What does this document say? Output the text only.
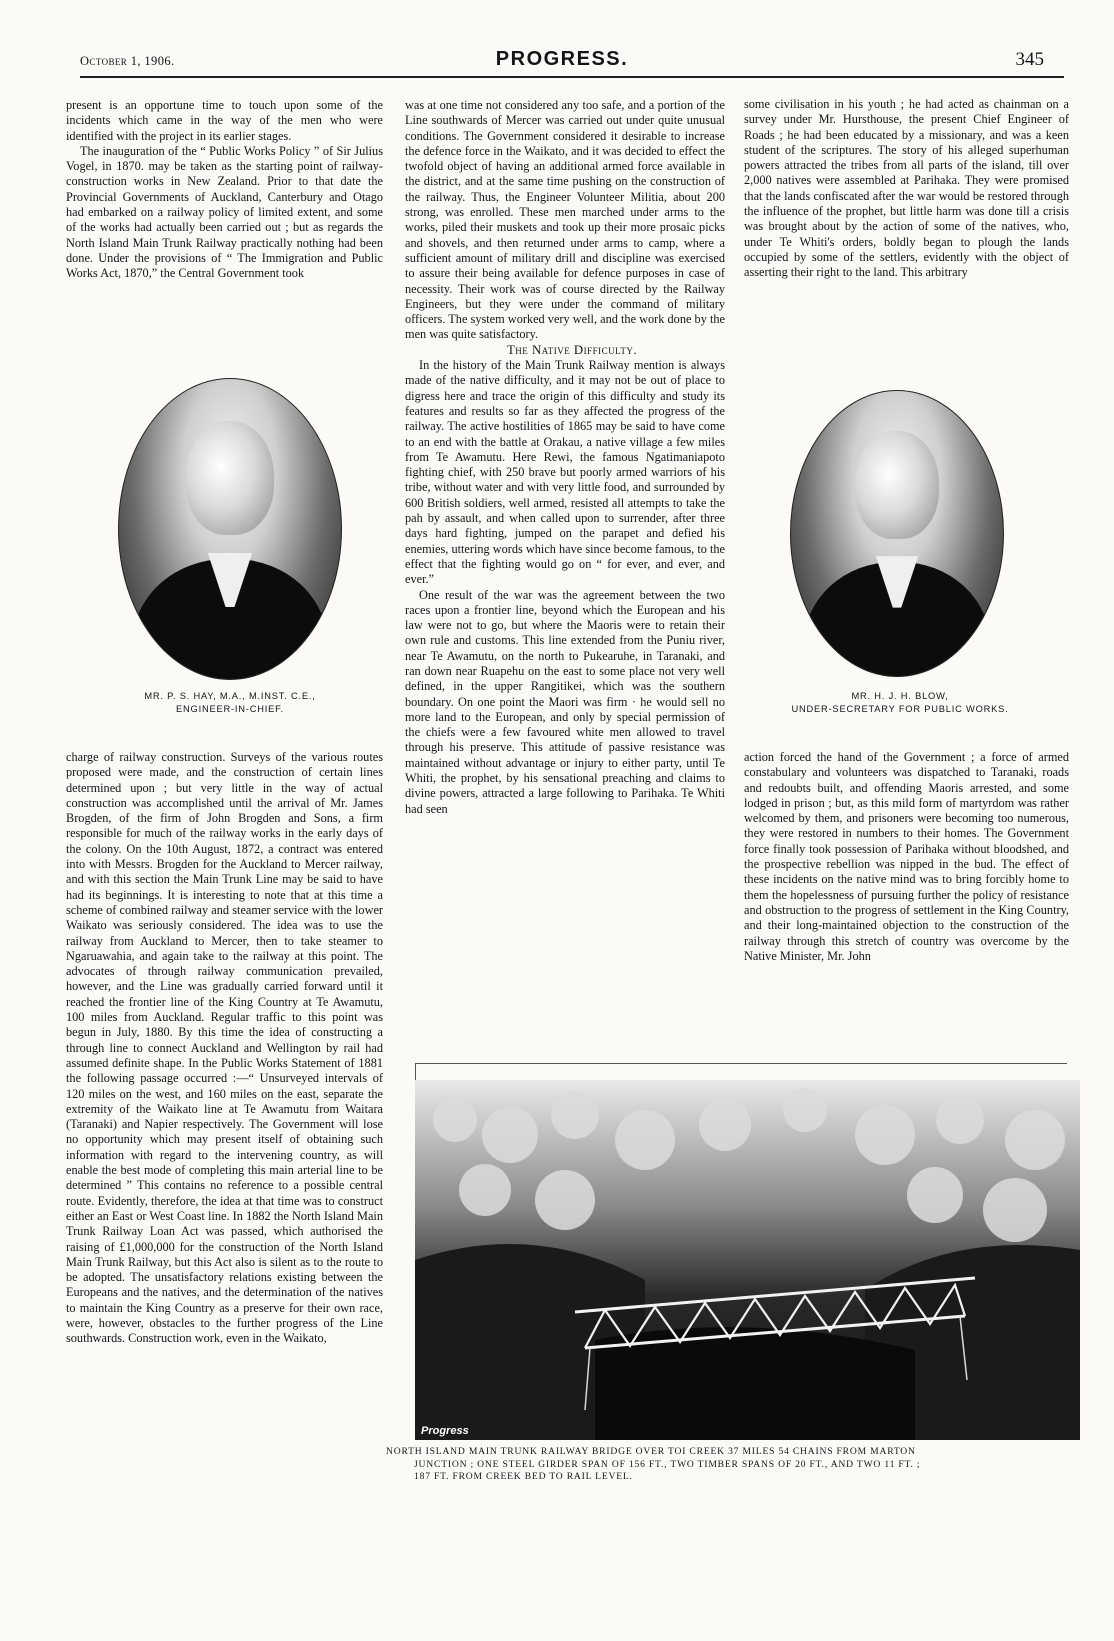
October 1, 1906.	PROGRESS.	345

present is an opportune time to touch upon some of the incidents which came in the way of the men who were identified with the project in its earlier stages.

The inauguration of the “ Public Works Policy ” of Sir Julius Vogel, in 1870. may be taken as the starting point of railway-construction works in New Zealand. Prior to that date the Provincial Governments of Auckland, Canterbury and Otago had embarked on a railway policy of limited extent, and some of the works had actually been carried out ; but as regards the North Island Main Trunk Railway practically nothing had been done. Under the provisions of “ The Immigration and Public Works Act, 1870,” the Central Government took

MR. P. S. HAY, M.A., M.INST. C.E.,
ENGINEER-IN-CHIEF.

charge of railway construction. Surveys of the various routes proposed were made, and the construction of certain lines determined upon ; but very little in the way of actual construction was accomplished until the arrival of Mr. James Brogden, of the firm of John Brogden and Sons, a firm responsible for much of the railway works in the early days of the colony. On the 10th August, 1872, a contract was entered into with Messrs. Brogden for the Auckland to Mercer railway, and with this section the Main Trunk Line may be said to have had its beginnings. It is interesting to note that at this time a scheme of combined railway and steamer service with the lower Waikato was seriously considered. The idea was to use the railway from Auckland to Mercer, then to take steamer to Ngaruawahia, and again take to the railway at this point. The advocates of through railway communication prevailed, however, and the Line was gradually carried forward until it reached the frontier line of the King Country at Te Awamutu, 100 miles from Auckland. Regular traffic to this point was begun in July, 1880. By this time the idea of constructing a through line to connect Auckland and Wellington by rail had assumed definite shape. In the Public Works Statement of 1881 the following passage occurred :—“ Unsurveyed intervals of 120 miles on the west, and 160 miles on the east, separate the extremity of the Waikato line at Te Awamutu from Waitara (Taranaki) and Napier respectively. The Government will lose no opportunity which may present itself of obtaining such information with regard to the intervening country, as will enable the best mode of completing this main arterial line to be determined ” This contains no reference to a possible central route. Evidently, therefore, the idea at that time was to construct either an East or West Coast line. In 1882 the North Island Main Trunk Railway Loan Act was passed, which authorised the raising of £1,000,000 for the construction of the North Island Main Trunk Railway, but this Act also is silent as to the route to be adopted. The unsatisfactory relations existing between the Europeans and the natives, and the determination of the natives to maintain the King Country as a preserve for their own race, were, however, obstacles to the further progress of the Line southwards. Construction work, even in the Waikato,

was at one time not considered any too safe, and a portion of the Line southwards of Mercer was carried out under quite unusual conditions. The Government considered it desirable to increase the defence force in the Waikato, and it was decided to effect the twofold object of having an additional armed force available in the district, and at the same time pushing on the construction of the railway. Thus, the Engineer Volunteer Militia, about 200 strong, was enrolled. These men marched under arms to the works, piled their muskets and took up their more prosaic picks and shovels, and then returned under arms to camp, where a sufficient amount of military drill and discipline was exercised to assure their being available for defence purposes in case of necessity. Their work was of course directed by the Railway Engineers, but they were under the command of military officers. The system worked very well, and the work done by the men was quite satisfactory.

The Native Difficulty.

In the history of the Main Trunk Railway mention is always made of the native difficulty, and it may not be out of place to digress here and trace the origin of this difficulty and study its features and results so far as they affected the progress of the railway. The active hostilities of 1865 may be said to have come to an end with the battle at Orakau, a native village a few miles from Te Awamutu. Here Rewi, the famous Ngatimaniapoto fighting chief, with 250 brave but poorly armed warriors of his tribe, without water and with very little food, and surrounded by 600 British soldiers, well armed, resisted all attempts to take the pah by assault, and when called upon to surrender, after three days hard fighting, jumped on the parapet and defied his enemies, uttering words which have since become famous, to the effect that the fighting would go on “ for ever, and ever, and ever.”

One result of the war was the agreement between the two races upon a frontier line, beyond which the European and his law were not to go, but where the Maoris were to retain their own rule and customs. This line extended from the Puniu river, near Te Awamutu, on the north to Pukearuhe, in Taranaki, and ran down near Ruapehu on the east to some place not very well defined, in the upper Rangitikei, which was the southern boundary. On one point the Maori was firm · he would sell no more land to the European, and only by special permission of the chiefs were a few favoured white men allowed to travel through his preserve. This attitude of passive resistance was maintained without advantage or injury to either party, until Te Whiti, the prophet, by his sensational preaching and claims to divine powers, attracted a large following to Parihaka. Te Whiti had seen

some civilisation in his youth ; he had acted as chainman on a survey under Mr. Hursthouse, the present Chief Engineer of Roads ; he had been educated by a missionary, and was a keen student of the scriptures. The story of his alleged superhuman powers attracted the tribes from all parts of the island, till over 2,000 natives were assembled at Parihaka. They were promised that the lands confiscated after the war would be restored through the influence of the prophet, but little harm was done till a crisis was brought about by the action of some of the natives, who, under Te Whiti's orders, boldly began to plough the lands occupied by some of the settlers, evidently with the object of asserting their right to the land. This arbitrary

MR. H. J. H. BLOW,
UNDER-SECRETARY FOR PUBLIC WORKS.

action forced the hand of the Government ; a force of armed constabulary and volunteers was dispatched to Taranaki, roads and redoubts built, and offending Maoris arrested, and some lodged in prison ; but, as this mild form of martyrdom was rather welcomed by them, and prisoners were becoming too numerous, they were restored in numbers to their homes. The Government force finally took possession of Parihaka without bloodshed, and the prospective rebellion was nipped in the bud. The effect of these incidents on the native mind was to bring forcibly home to them the hopelessness of pursuing further the policy of resistance and obstruction to the progress of settlement in the King Country, and their long-maintained objection to the construction of the railway through this stretch of country was overcome by the Native Minister, Mr. John

Progress
NORTH ISLAND MAIN TRUNK RAILWAY BRIDGE OVER TOI CREEK 37 MILES 54 CHAINS FROM MARTON
JUNCTION ; ONE STEEL GIRDER SPAN OF 156 FT., TWO TIMBER SPANS OF 20 FT., AND TWO 11 FT. ;
187 FT. FROM CREEK BED TO RAIL LEVEL.
